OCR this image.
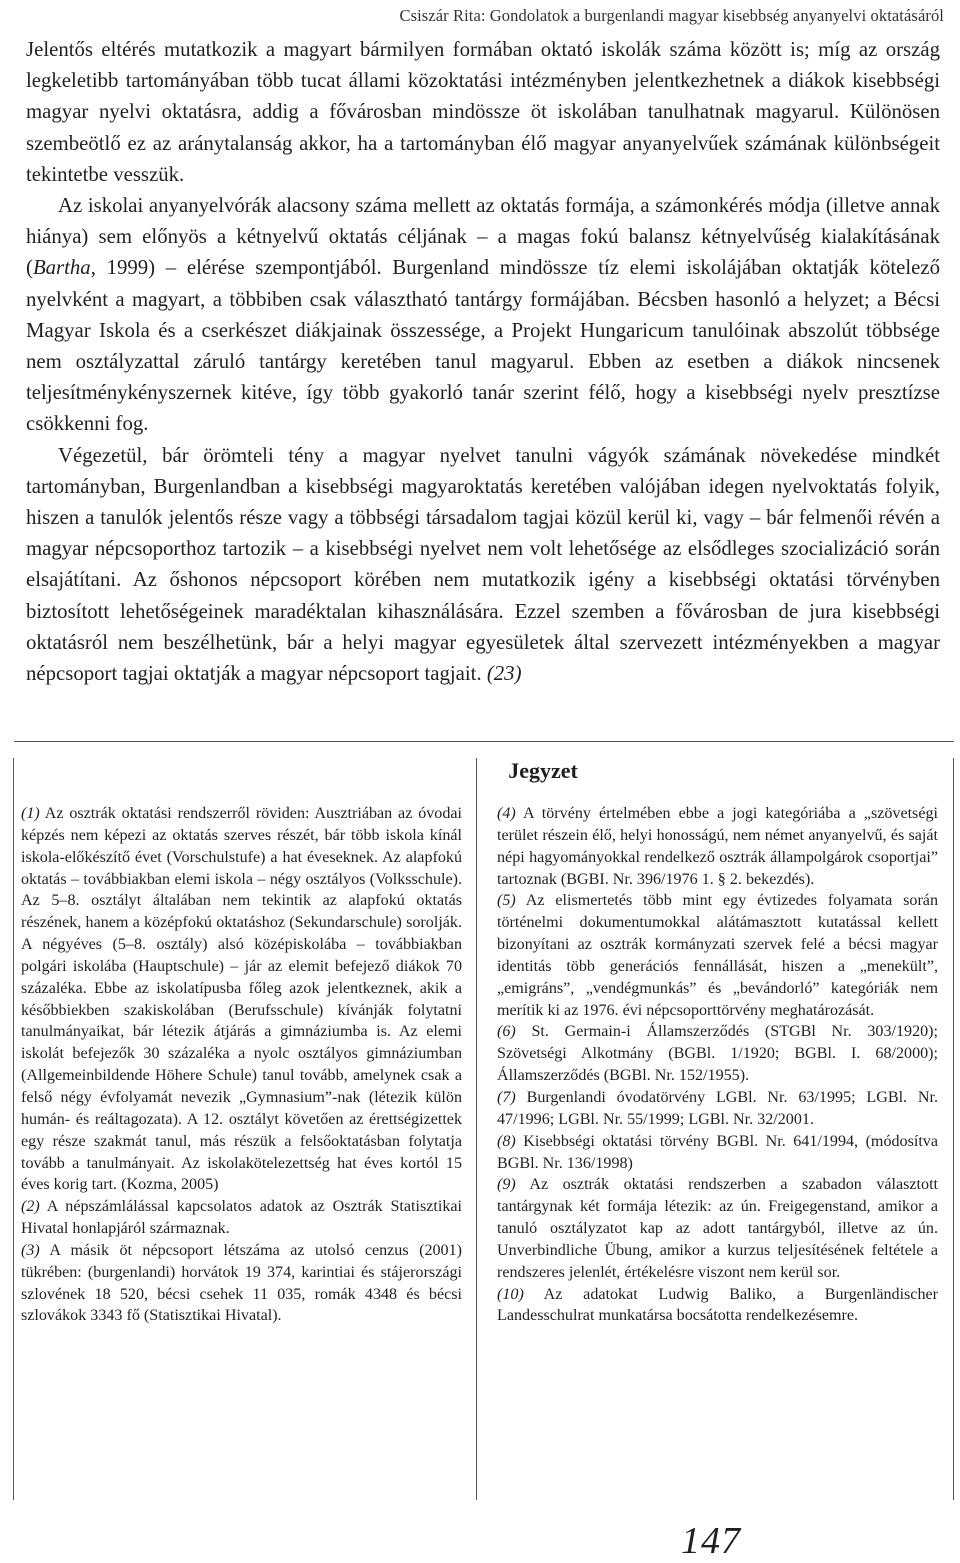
Csiszár Rita: Gondolatok a burgenlandi magyar kisebbség anyanyelvi oktatásáról

Jelentős eltérés mutatkozik a magyart bármilyen formában oktató iskolák száma között is; míg az ország legkeletibb tartományában több tucat állami közoktatási intézményben jelentkezhetnek a diákok kisebbségi magyar nyelvi oktatásra, addig a fővárosban mindössze öt iskolában tanulhatnak magyarul. Különösen szembeötlő ez az aránytalanság akkor, ha a tartományban élő magyar anyanyelvűek számának különbségeit tekintetbe vesszük.

Az iskolai anyanyelvórák alacsony száma mellett az oktatás formája, a számonkérés módja (illetve annak hiánya) sem előnyös a kétnyelvű oktatás céljának – a magas fokú balansz kétnyelvűség kialakításának (Bartha, 1999) – elérése szempontjából. Burgenland mindössze tíz elemi iskolájában oktatják kötelező nyelvként a magyart, a többiben csak választható tantárgy formájában. Bécsben hasonló a helyzet; a Bécsi Magyar Iskola és a cserkészet diákjainak összessége, a Projekt Hungaricum tanulóinak abszolút többsége nem osztályzattal záruló tantárgy keretében tanul magyarul. Ebben az esetben a diákok nincsenek teljesítménykényszernek kitéve, így több gyakorló tanár szerint félő, hogy a kisebbségi nyelv presztízse csökkenni fog.

Végezetül, bár örömteli tény a magyar nyelvet tanulni vágyók számának növekedése mindkét tartományban, Burgenlandban a kisebbségi magyaroktatás keretében valójában idegen nyelvoktatás folyik, hiszen a tanulók jelentős része vagy a többségi társadalom tagjai közül kerül ki, vagy – bár felmenői révén a magyar népcsoporthoz tartozik – a kisebbségi nyelvet nem volt lehetősége az elsődleges szocializáció során elsajátítani. Az őshonos népcsoport körében nem mutatkozik igény a kisebbségi oktatási törvényben biztosított lehetőségeinek maradéktalan kihasználására. Ezzel szemben a fővárosban de jura kisebbségi oktatásról nem beszélhetünk, bár a helyi magyar egyesületek által szervezett intézményekben a magyar népcsoport tagjai oktatják a magyar népcsoport tagjait. (23)

Jegyzet

(1) Az osztrák oktatási rendszerről röviden: Ausztriában az óvodai képzés nem képezi az oktatás szerves részét, bár több iskola kínál iskola-előkészítő évet (Vorschulstufe) a hat éveseknek. Az alapfokú oktatás – továbbiakban elemi iskola – négy osztályos (Volksschule). Az 5–8. osztályt általában nem tekintik az alapfokú oktatás részének, hanem a középfokú oktatáshoz (Sekundarschule) sorolják. A négyéves (5–8. osztály) alsó középiskolába – továbbiakban polgári iskolába (Hauptschule) – jár az elemit befejező diákok 70 százaléka. Ebbe az iskolatípusba főleg azok jelentkeznek, akik a későbbiekben szakiskolában (Berufsschule) kívánják folytatni tanulmányaikat, bár létezik átjárás a gimnáziumba is. Az elemi iskolát befejezők 30 százaléka a nyolc osztályos gimnáziumban (Allgemeinbildende Höhere Schule) tanul tovább, amelynek csak a felső négy évfolyamát nevezik „Gymnasium”-nak (létezik külön humán- és reáltagozata). A 12. osztályt követően az érettségizettek egy része szakmát tanul, más részük a felsőoktatásban folytatja tovább a tanulmányait. Az iskolakötelezettség hat éves kortól 15 éves korig tart. (Kozma, 2005)

(2) A népszámlálással kapcsolatos adatok az Osztrák Statisztikai Hivatal honlapjáról származnak.

(3) A másik öt népcsoport létszáma az utolsó cenzus (2001) tükrében: (burgenlandi) horvátok 19 374, karintiai és stájerországi szlovének 18 520, bécsi csehek 11 035, romák 4348 és bécsi szlovákok 3343 fő (Statisztikai Hivatal).

(4) A törvény értelmében ebbe a jogi kategóriába a „szövetségi terület részein élő, helyi honosságú, nem német anyanyelvű, és saját népi hagyományokkal rendelkező osztrák állampolgárok csoportjai” tartoznak (BGBI. Nr. 396/1976 1. § 2. bekezdés).

(5) Az elismertetés több mint egy évtizedes folyamata során történelmi dokumentumokkal alátámasztott kutatással kellett bizonyítani az osztrák kormányzati szervek felé a bécsi magyar identitás több generációs fennállását, hiszen a „menekült”, „emigráns”, „vendégmunkás” és „bevándorló” kategóriák nem merítik ki az 1976. évi népcsoporttörvény meghatározását.

(6) St. Germain-i Államszerződés (STGBl Nr. 303/1920); Szövetségi Alkotmány (BGBl. 1/1920; BGBl. I. 68/2000); Államszerződés (BGBl. Nr. 152/1955).

(7) Burgenlandi óvodatörvény LGBl. Nr. 63/1995; LGBl. Nr. 47/1996; LGBl. Nr. 55/1999; LGBl. Nr. 32/2001.

(8) Kisebbségi oktatási törvény BGBl. Nr. 641/1994, (módosítva BGBl. Nr. 136/1998)

(9) Az osztrák oktatási rendszerben a szabadon választott tantárgynak két formája létezik: az ún. Freigegenstand, amikor a tanuló osztályzatot kap az adott tantárgyból, illetve az ún. Unverbindliche Übung, amikor a kurzus teljesítésének feltétele a rendszeres jelenlét, értékelésre viszont nem kerül sor.

(10) Az adatokat Ludwig Baliko, a Burgenländischer Landesschulrat munkatársa bocsátotta rendelkezésemre.

147
